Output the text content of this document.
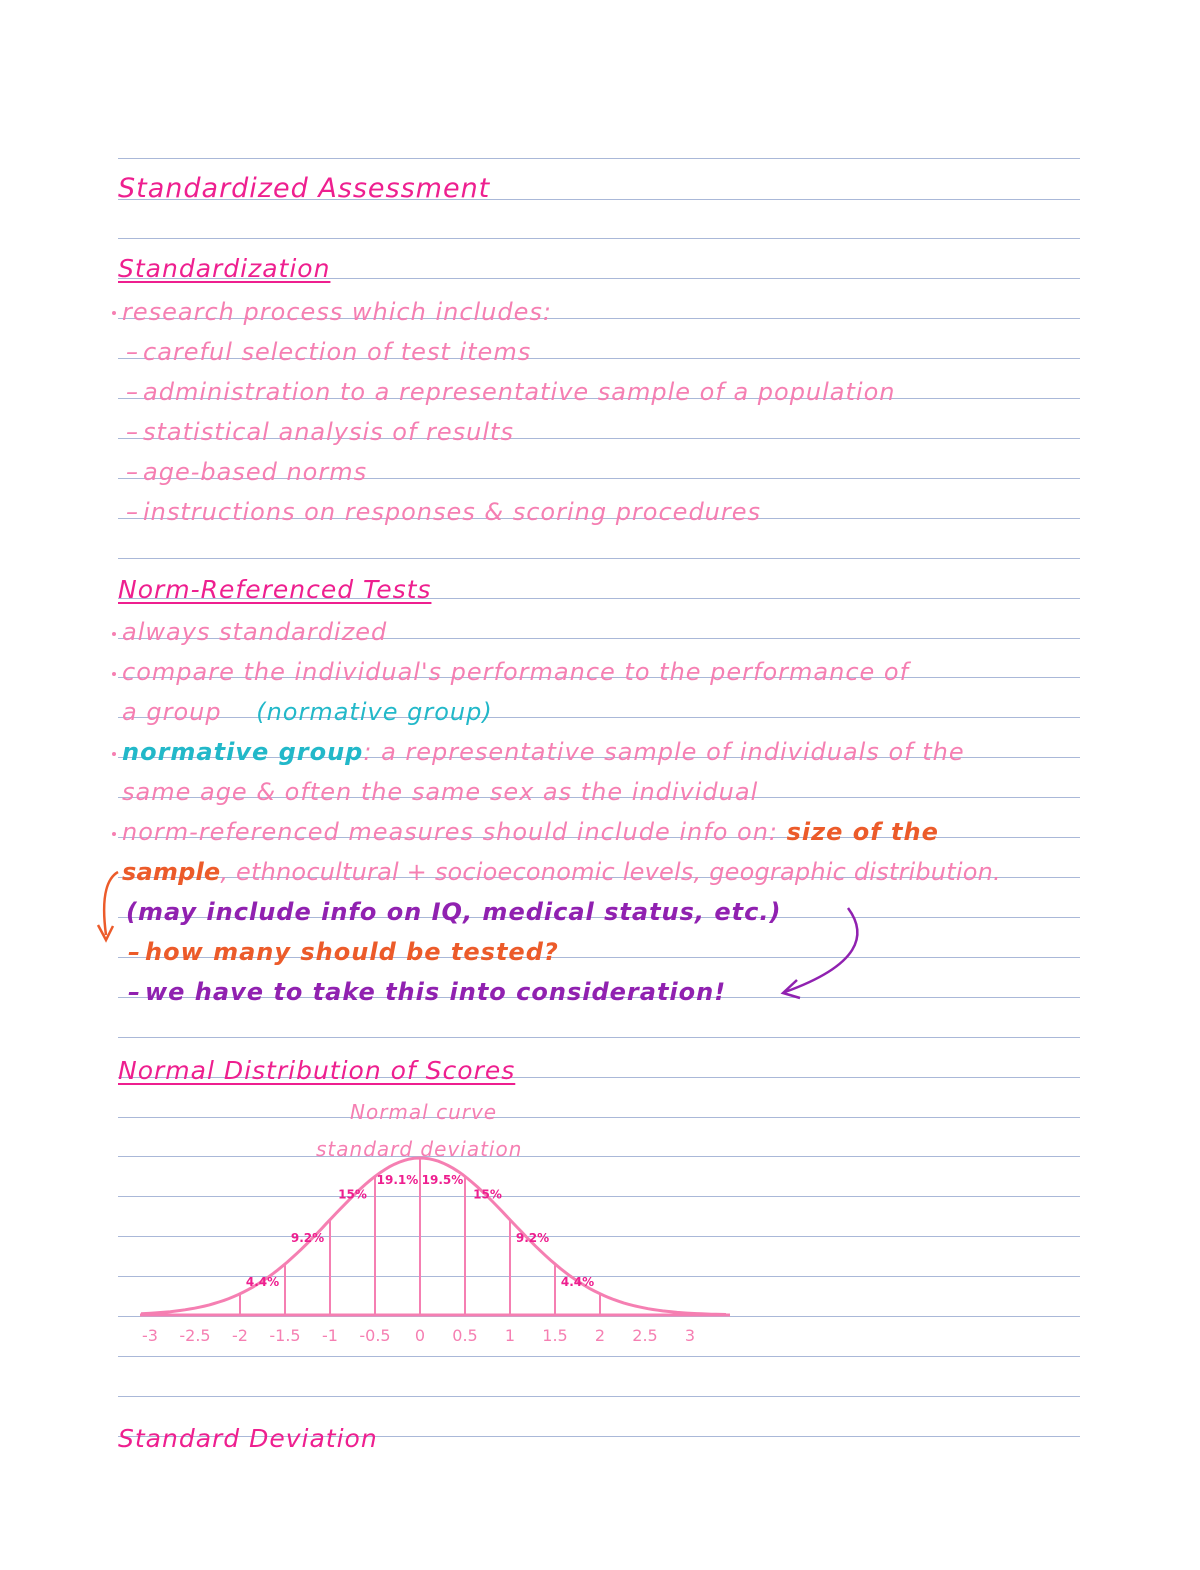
Standardized Assessment
Standardization
research process which includes:
– careful selection of test items
– administration to a representative sample of a population
– statistical analysis of results
– age-based norms
– instructions on responses & scoring procedures
Norm-Referenced Tests
always standardized
compare the individual's performance to the performance of
a group (normative group)
normative group: a representative sample of individuals of the
same age & often the same sex as the individual
norm-referenced measures should include info on: size of the
sample, ethnocultural + socioeconomic levels, geographic distribution.
(may include info on IQ, medical status, etc.)
– how many should be tested?
– we have to take this into consideration!
Normal Distribution of Scores
Normal curve
standard deviation
4.4%
9.2%
15%
19.1% 19.5%
15%
9.2%
4.4%
-3 -2.5 -2 -1.5 -1 -0.5 0 0.5 1 1.5 2 2.5 3
Standard Deviation
